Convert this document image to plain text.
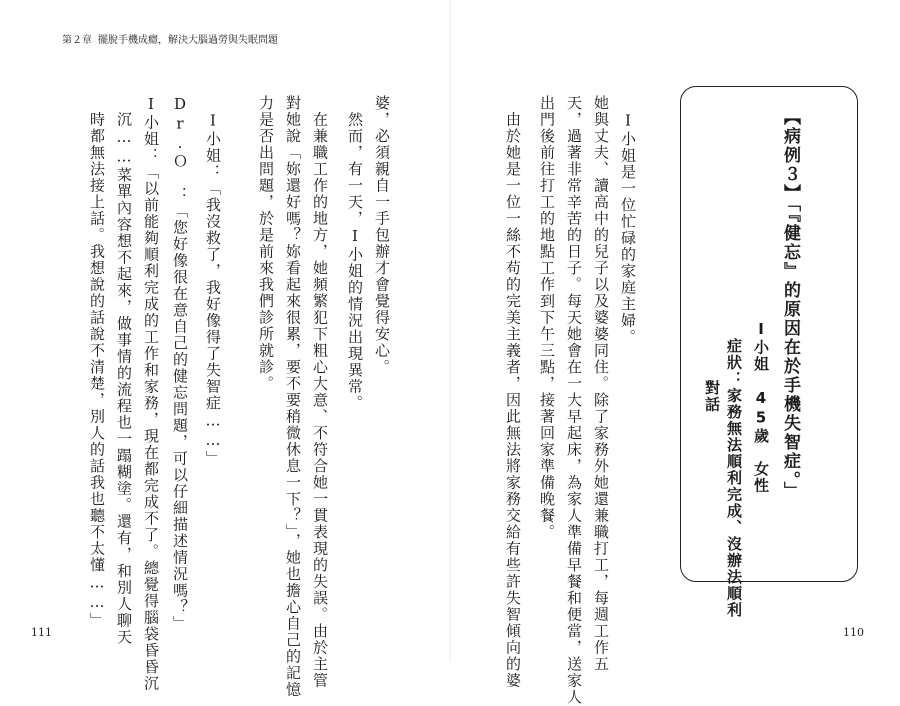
第２章 擺脫手機成癮，解決大腦過勞與失眠問題
【病例３】「『健忘』的原因在於手機失智症。」
I小姐　45歲　女性
症狀：家務無法順利完成、沒辦法順利
對話
　I小姐是一位忙碌的家庭主婦。
她與丈夫、讀高中的兒子以及婆婆同住。除了家務外她還兼職打工，每週工作五
天，過著非常辛苦的日子。每天她會在一大早起床，為家人準備早餐和便當，送家人
出門後前往打工的地點工作到下午三點，接著回家準備晚餐。
　由於她是一位一絲不苟的完美主義者，因此無法將家務交給有些許失智傾向的婆
婆，必須親自一手包辦才會覺得安心。
　然而，有一天，I小姐的情況出現異常。
　在兼職工作的地方，她頻繁犯下粗心大意、不符合她一貫表現的失誤。由於主管
對她說「妳還好嗎？妳看起來很累，要不要稍微休息一下？」，她也擔心自己的記憶
力是否出問題，於是前來我們診所就診。
　I小姐：「我沒救了，我好像得了失智症……」
Dr.Ｏ　：「您好像很在意自己的健忘問題，可以仔細描述情況嗎？」
I小姐：「以前能夠順利完成的工作和家務，現在都完成不了。總覺得腦袋昏昏沉
　沉……菜單內容想不起來，做事情的流程也一蹋糊塗。還有，和別人聊天
　時都無法接上話。我想說的話說不清楚，別人的話我也聽不太懂……」
111	110
